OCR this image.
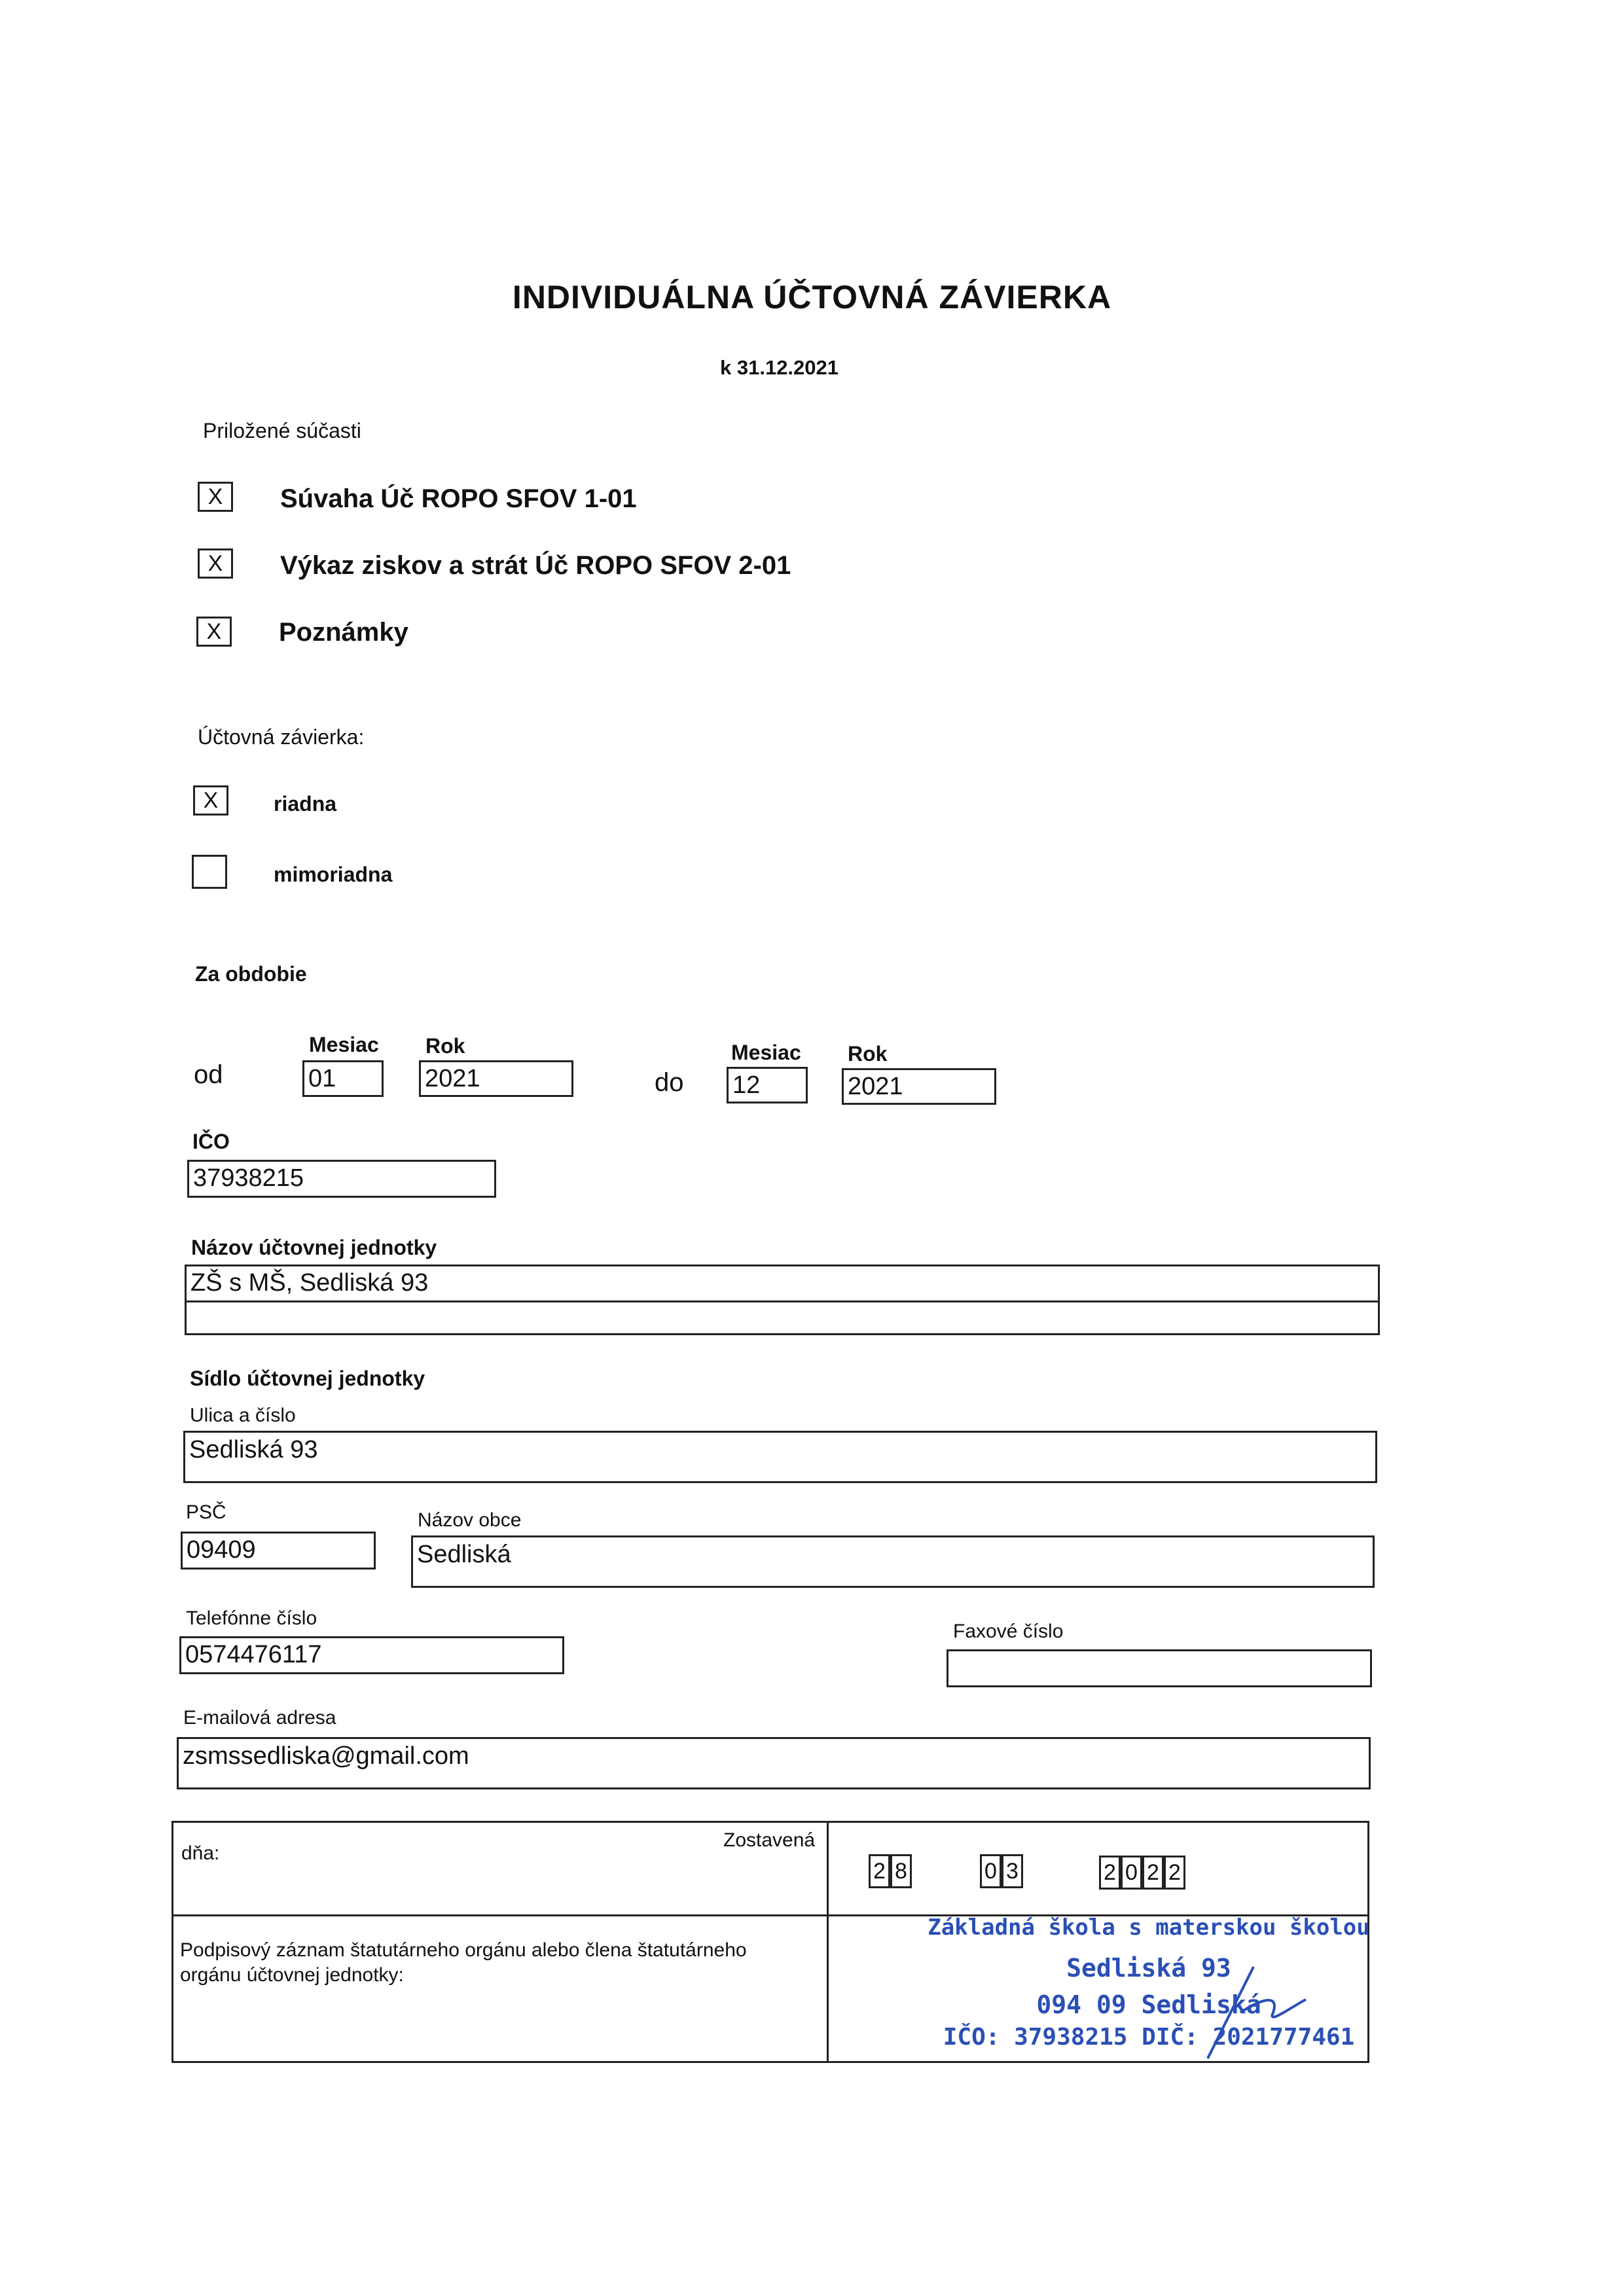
INDIVIDUÁLNA ÚČTOVNÁ ZÁVIERKA
k 31.12.2021
Priložené súčasti
X	Súvaha Úč ROPO SFOV 1-01
X	Výkaz ziskov a strát Úč ROPO SFOV 2-01
X	Poznámky
Účtovná závierka:
X	riadna
mimoriadna
Za obdobie
Mesiac Rok
od	01	2021
Mesiac Rok
do 12	2021
IČO
37938215
Názov účtovnej jednotky
ZŠ s MŠ, Sedliská 93
Sídlo účtovnej jednotky
Ulica a číslo
Sedliská 93
PSČ
09409
Názov obce
Sedliská
Telefónne číslo
0574476117
Faxové číslo
E-mailová adresa
zsmssedliska@gmail.com
Zostavená
dňa:
2 8	0 3	2 0 2 2
Podpisový záznam štatutárneho orgánu alebo člena štatutárneho orgánu účtovnej jednotky:
Základná škola s materskou školou
Sedliská 93
094 09 Sedliská
IČO: 37938215 DIČ: 2021777461
